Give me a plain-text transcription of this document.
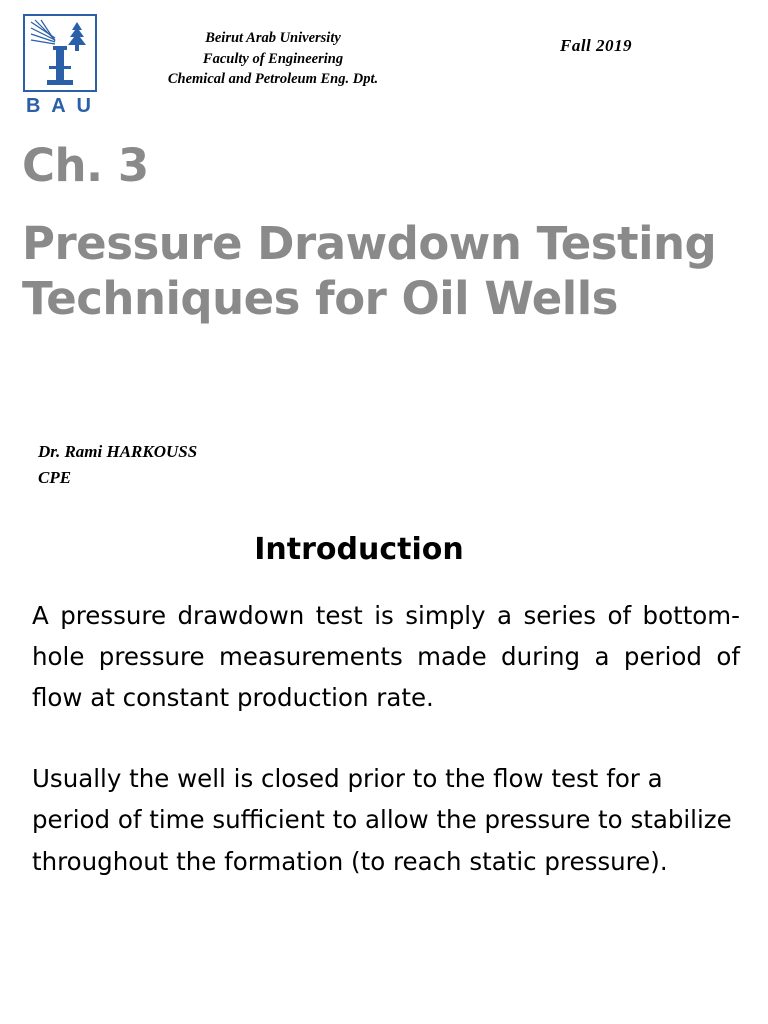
B A U
Beirut Arab University
Faculty of Engineering
Chemical and Petroleum Eng. Dpt.
Fall 2019
Ch. 3
Pressure Drawdown Testing
Techniques for Oil Wells
Dr. Rami HARKOUSS
CPE
Introduction
A pressure drawdown test is simply a series of bottom-hole pressure measurements made during a period of flow at constant production rate.
Usually the well is closed prior to the flow test for a period of time sufficient to allow the pressure to stabilize throughout the formation (to reach static pressure).
